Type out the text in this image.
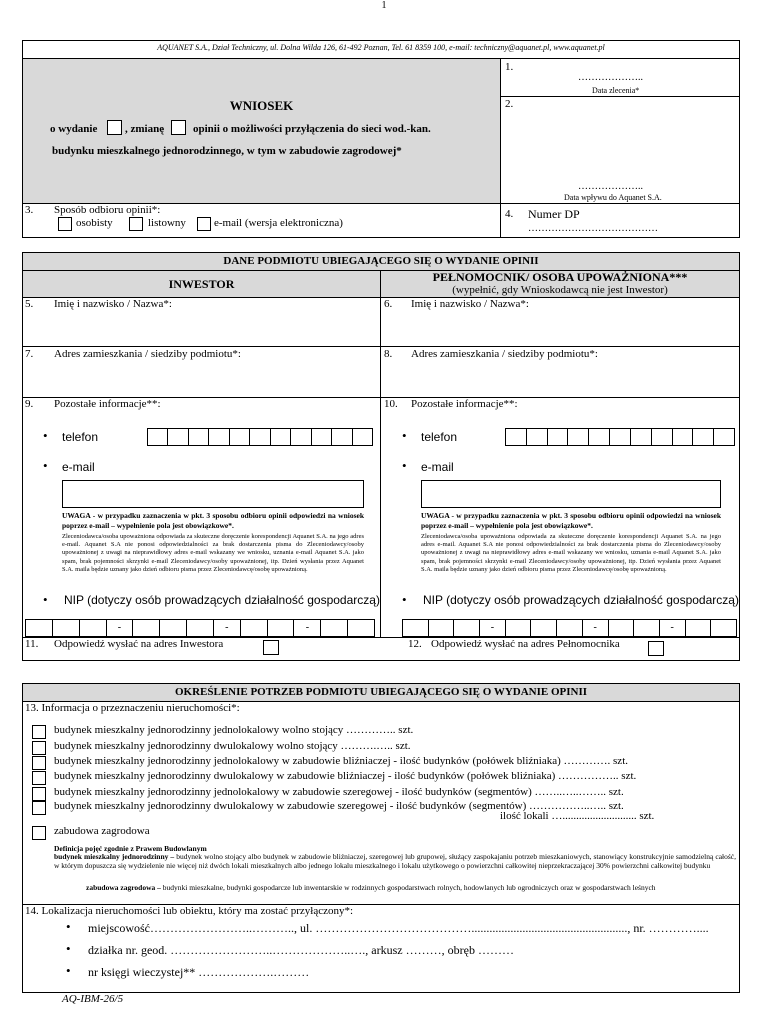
1
AQUANET S.A., Dział Techniczny, ul. Dolna Wilda 126, 61-492 Poznan, Tel. 61 8359 100, e-mail: techniczny@aquanet.pl, www.aquanet.pl
WNIOSEK
o wydanie	, zmianę	opinii o możliwości przyłączenia do sieci wod.-kan.
budynku mieszkalnego jednorodzinnego, w tym w zabudowie zagrodowej*
1.
………………..
Data zlecenia*
2.
………………..
Data wpływu do Aquanet S.A.
3. Sposób odbioru opinii*:
osobisty	listowny	e-mail (wersja elektroniczna)
4. Numer DP
…………………………………
DANE PODMIOTU UBIEGAJĄCEGO SIĘ O WYDANIE OPINII
INWESTOR	PEŁNOMOCNIK/ OSOBA UPOWAŻNIONA***
(wypełnić, gdy Wnioskodawcą nie jest Inwestor)
5. Imię i nazwisko / Nazwa*:	6. Imię i nazwisko / Nazwa*:
7. Adres zamieszkania / siedziby podmiotu*:	8. Adres zamieszkania / siedziby podmiotu*:
9. Pozostałe informacje**:	10. Pozostałe informacje**:
• telefon
• e-mail
UWAGA - w przypadku zaznaczenia w pkt. 3 sposobu odbioru opinii odpowiedzi na wniosek poprzez e-mail – wypełnienie pola jest obowiązkowe*.
Zleceniodawca/osoba upoważniona odpowiada za skuteczne doręczenie korespondencji Aquanet S.A. na jego adres e-mail. Aquanet S.A nie ponosi odpowiedzialności za brak dostarczenia pisma do Zleceniodawcy/osoby upoważnionej z uwagi na nieprawidłowy adres e-mail wskazany we wniosku, uznania e-mail Aquanet S.A. jako spam, brak pojemności skrzynki e-mail Zleceniodawcy/osoby upoważnionej, itp. Dzień wysłania przez Aquanet S.A. maila będzie uznany jako dzień odbioru pisma przez Zleceniodawcę/osobę upoważnioną.
• NIP (dotyczy osób prowadzących działalność gospodarczą)
-	-	-
• telefon
• e-mail
UWAGA - w przypadku zaznaczenia w pkt. 3 sposobu odbioru opinii odpowiedzi na wniosek poprzez e-mail – wypełnienie pola jest obowiązkowe*.
Zleceniodawca/osoba upoważniona odpowiada za skuteczne doręczenie korespondencji Aquanet S.A. na jego adres e-mail. Aquanet S.A nie ponosi odpowiedzialności za brak dostarczenia pisma do Zleceniodawcy/osoby upoważnionej z uwagi na nieprawidłowy adres e-mail wskazany we wniosku, uznania e-mail Aquanet S.A. jako spam, brak pojemności skrzynki e-mail Zleceniodawcy/osoby upoważnionej, itp. Dzień wysłania przez Aquanet S.A. maila będzie uznany jako dzień odbioru pisma przez Zleceniodawcę/osobę upoważnioną.
• NIP (dotyczy osób prowadzących działalność gospodarczą)
-	-	-
11. Odpowiedź wysłać na adres Inwestora	12. Odpowiedź wysłać na adres Pełnomocnika
OKREŚLENIE POTRZEB PODMIOTU UBIEGAJĄCEGO SIĘ O WYDANIE OPINII
13. Informacja o przeznaczeniu nieruchomości*:
budynek mieszkalny jednorodzinny jednolokalowy wolno stojący ………….. szt.
budynek mieszkalny jednorodzinny dwulokalowy wolno stojący ……….….. szt.
budynek mieszkalny jednorodzinny jednolokalowy w zabudowie bliźniaczej - ilość budynków (połówek bliźniaka) …………. szt.
budynek mieszkalny jednorodzinny dwulokalowy w zabudowie bliźniaczej - ilość budynków (połówek bliźniaka) …………….. szt.
budynek mieszkalny jednorodzinny jednolokalowy w zabudowie szeregowej - ilość budynków (segmentów) ……..…..…….. szt.
budynek mieszkalny jednorodzinny dwulokalowy w zabudowie szeregowej - ilość budynków (segmentów) ……………..….. szt.
ilość lokali …........................... szt.
zabudowa zagrodowa
Definicja pojęć zgodnie z Prawem Budowlanym
budynek mieszkalny jednorodzinny – budynek wolno stojący albo budynek w zabudowie bliźniaczej, szeregowej lub grupowej, służący zaspokajaniu potrzeb mieszkaniowych, stanowiący konstrukcyjnie samodzielną całość, w którym dopuszcza się wydzielenie nie więcej niż dwóch lokali mieszkalnych albo jednego lokalu mieszkalnego i lokalu użytkowego o powierzchni całkowitej nieprzekraczającej 30% powierzchni całkowitej budynku
zabudowa zagrodowa – budynki mieszkalne, budynki gospodarcze lub inwentarskie w rodzinnych gospodarstwach rolnych, hodowlanych lub ogrodniczych oraz w gospodarstwach leśnych
14. Lokalizacja nieruchomości lub obiektu, który ma zostać przyłączony*:
• miejscowość……………………..……….., ul. …………………………………...................................................., nr. …………....
• działka nr. geod. ……………………..………………..…., arkusz ………, obręb ………
• nr księgi wieczystej** ……………….………
AQ-IBM-26/5
